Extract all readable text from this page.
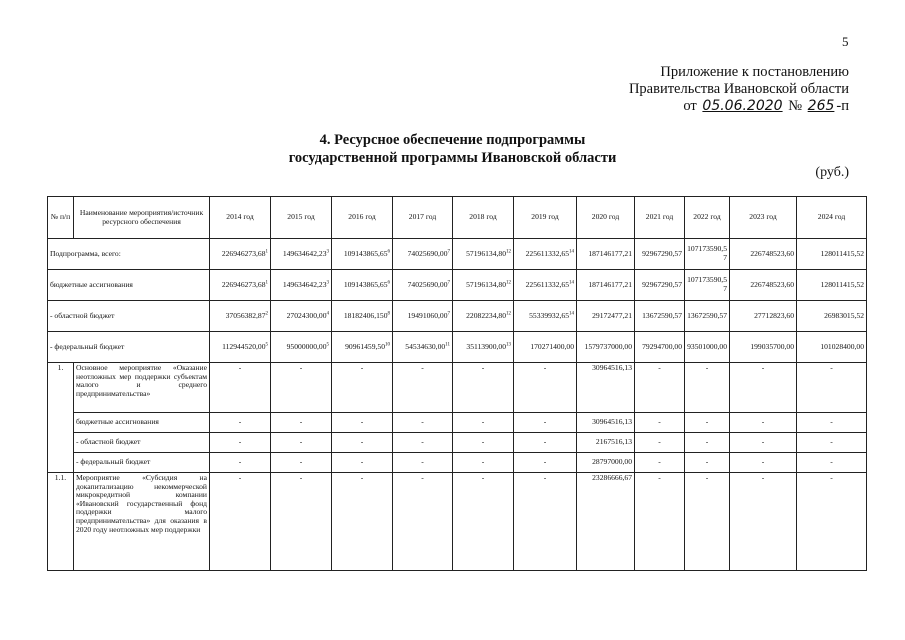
5
Приложение к постановлению
Правительства Ивановской области
от 05.06.2020 № 265 -п
4. Ресурсное обеспечение подпрограммы
государственной программы Ивановской области
(руб.)
№ п/п	Наименование мероприятия/источник ресурсного обеспечения	2014 год	2015 год	2016 год	2017 год	2018 год	2019 год	2020 год	2021 год	2022 год	2023 год	2024 год
Подпрограмма, всего:		226946273,68$^1$	149634642,23$^3$	109143865,65$^6$	74025690,00$^7$	57196134,80$^{12}$	225611332,65$^{14}$	187146177,21	92967290,57	107173590,57	226748523,60	128011415,52
бюджетные ассигнования		226946273,68$^1$	149634642,23$^3$	109143865,65$^6$	74025690,00$^7$	57196134,80$^{12}$	225611332,65$^{14}$	187146177,21	92967290,57	107173590,57	226748523,60	128011415,52
- областной бюджет		37056382,87$^2$	27024300,00$^4$	18182406,150$^8$	19491060,00$^7$	22082234,80$^{12}$	55339932,65$^{14}$	29172477,21	13672590,57	13672590,57	27712823,60	26983015,52
- федеральный бюджет		112944520,00$^5$	95000000,00$^5$	90961459,50$^{10}$	54534630,00$^{11}$	35113900,00$^{13}$	170271400,00	1579737000,00	79294700,00	93501000,00	199035700,00	101028400,00
1.	Основное мероприятие «Оказание неотложных мер поддержки субъектам малого и среднего предпринимательства»	-	-	-	-	-	-	30964516,13	-	-	-	-
	бюджетные ассигнования	-	-	-	-	-	-	30964516,13	-	-	-	-
	- областной бюджет	-	-	-	-	-	-	2167516,13	-	-	-	-
	- федеральный бюджет	-	-	-	-	-	-	28797000,00	-	-	-	-
1.1.	Мероприятие «Субсидия на докапитализацию некоммерческой микрокредитной компании «Ивановский государственный фонд поддержки малого предпринимательства» для оказания в 2020 году неотложных мер поддержки	-	-	-	-	-	-	23286666,67	-	-	-	-
